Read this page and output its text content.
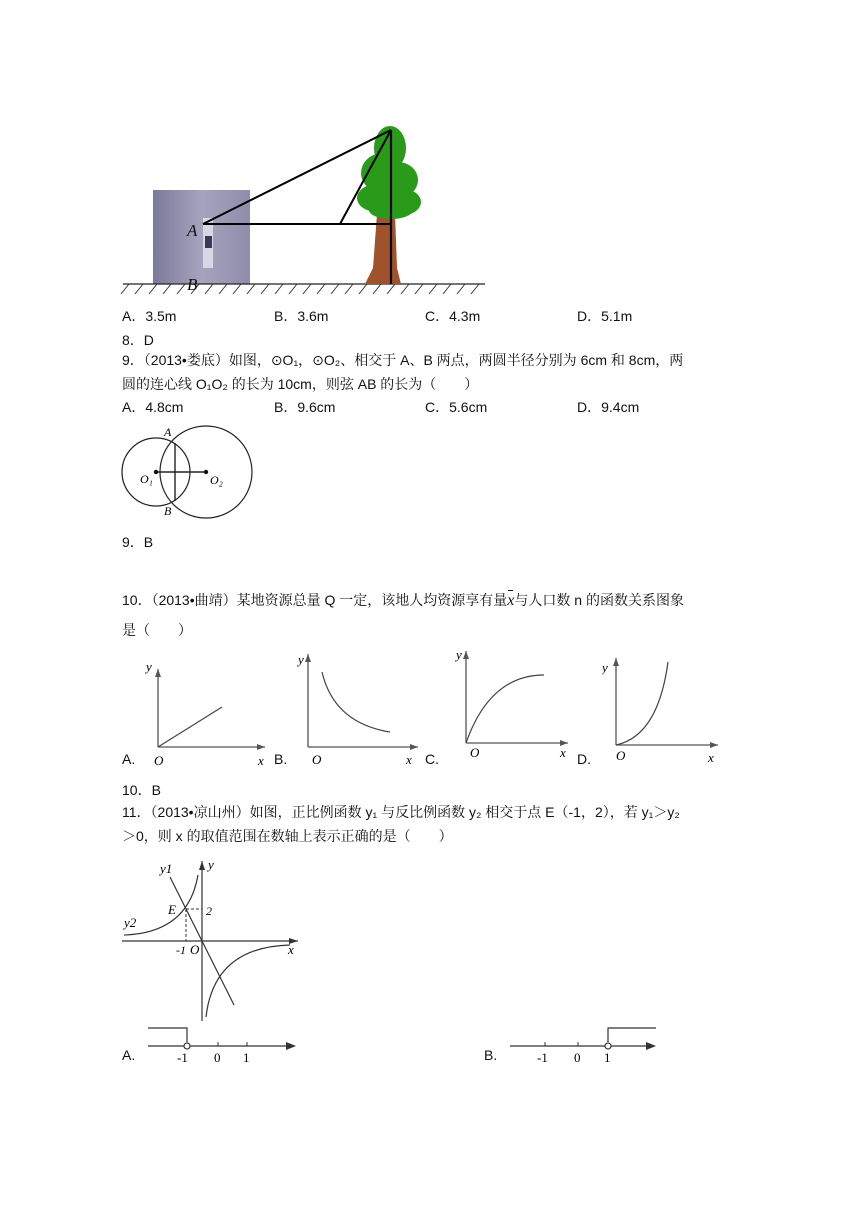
A
B
A．3.5m	B．3.6m	C．4.3m	D．5.1m
8．D
9．（2013•娄底）如图，⊙O₁，⊙O₂、相交于 A、B 两点，两圆半径分别为 6cm 和 8cm，两
圆的连心线 O₁O₂ 的长为 10cm，则弦 AB 的长为（　　）
A．4.8cm	B．9.6cm	C．5.6cm	D．9.4cm
A
B
O₁	O₂
9．B
10．（2013•曲靖）某地资源总量 Q 一定，该地人均资源享有量x与人口数 n 的函数关系图象
是（　　）
y
O	x
A.
y
O	x
B.
y
O	x
C.
y
O	x
D.
10．B
11．（2013•凉山州）如图，正比例函数 y₁ 与反比例函数 y₂ 相交于点 E（-1，2），若 y₁＞y₂
＞0，则 x 的取值范围在数轴上表示正确的是（　　）
y
x
y1
y2
E	2
-1 O
A.	-1 0 1	B.	-1 0 1
